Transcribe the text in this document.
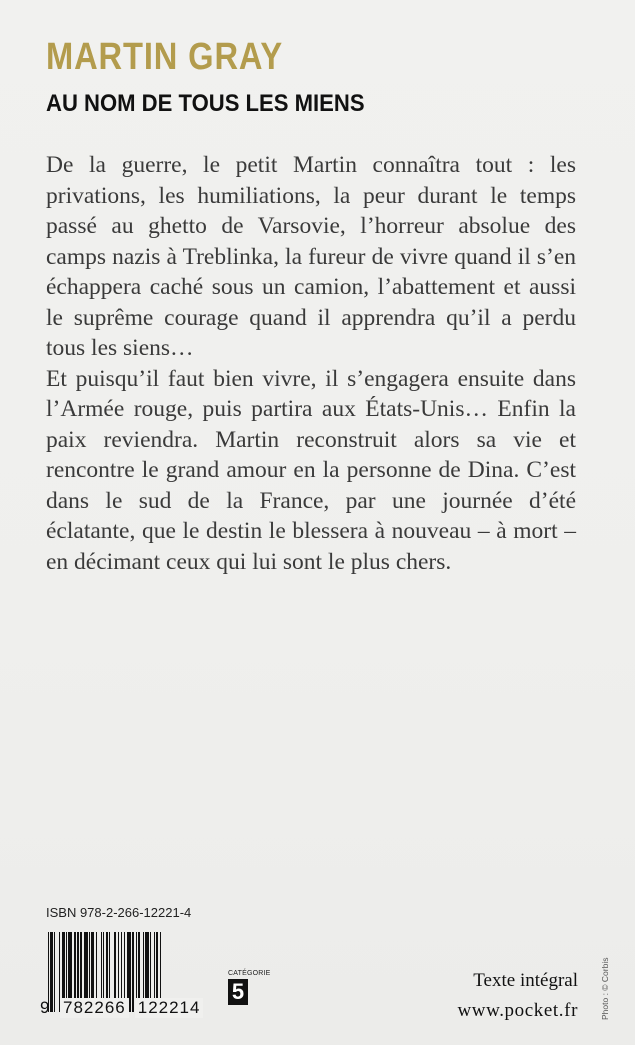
MARTIN GRAY
AU NOM DE TOUS LES MIENS

De la guerre, le petit Martin connaîtra tout : les privations, les humiliations, la peur durant le temps passé au ghetto de Varsovie, l’horreur absolue des camps nazis à Treblinka, la fureur de vivre quand il s’en échappera caché sous un camion, l’abattement et aussi le suprême courage quand il apprendra qu’il a perdu tous les siens…

Et puisqu’il faut bien vivre, il s’engagera ensuite dans l’Armée rouge, puis partira aux États-Unis… Enfin la paix reviendra. Martin reconstruit alors sa vie et rencontre le grand amour en la personne de Dina. C’est dans le sud de la France, par une journée d’été éclatante, que le destin le blessera à nouveau – à mort – en décimant ceux qui lui sont le plus chers.

ISBN 978-2-266-12221-4
9 782266 122214
CATÉGORIE
5	Texte intégral
www.pocket.fr	Photo : © Corbis
